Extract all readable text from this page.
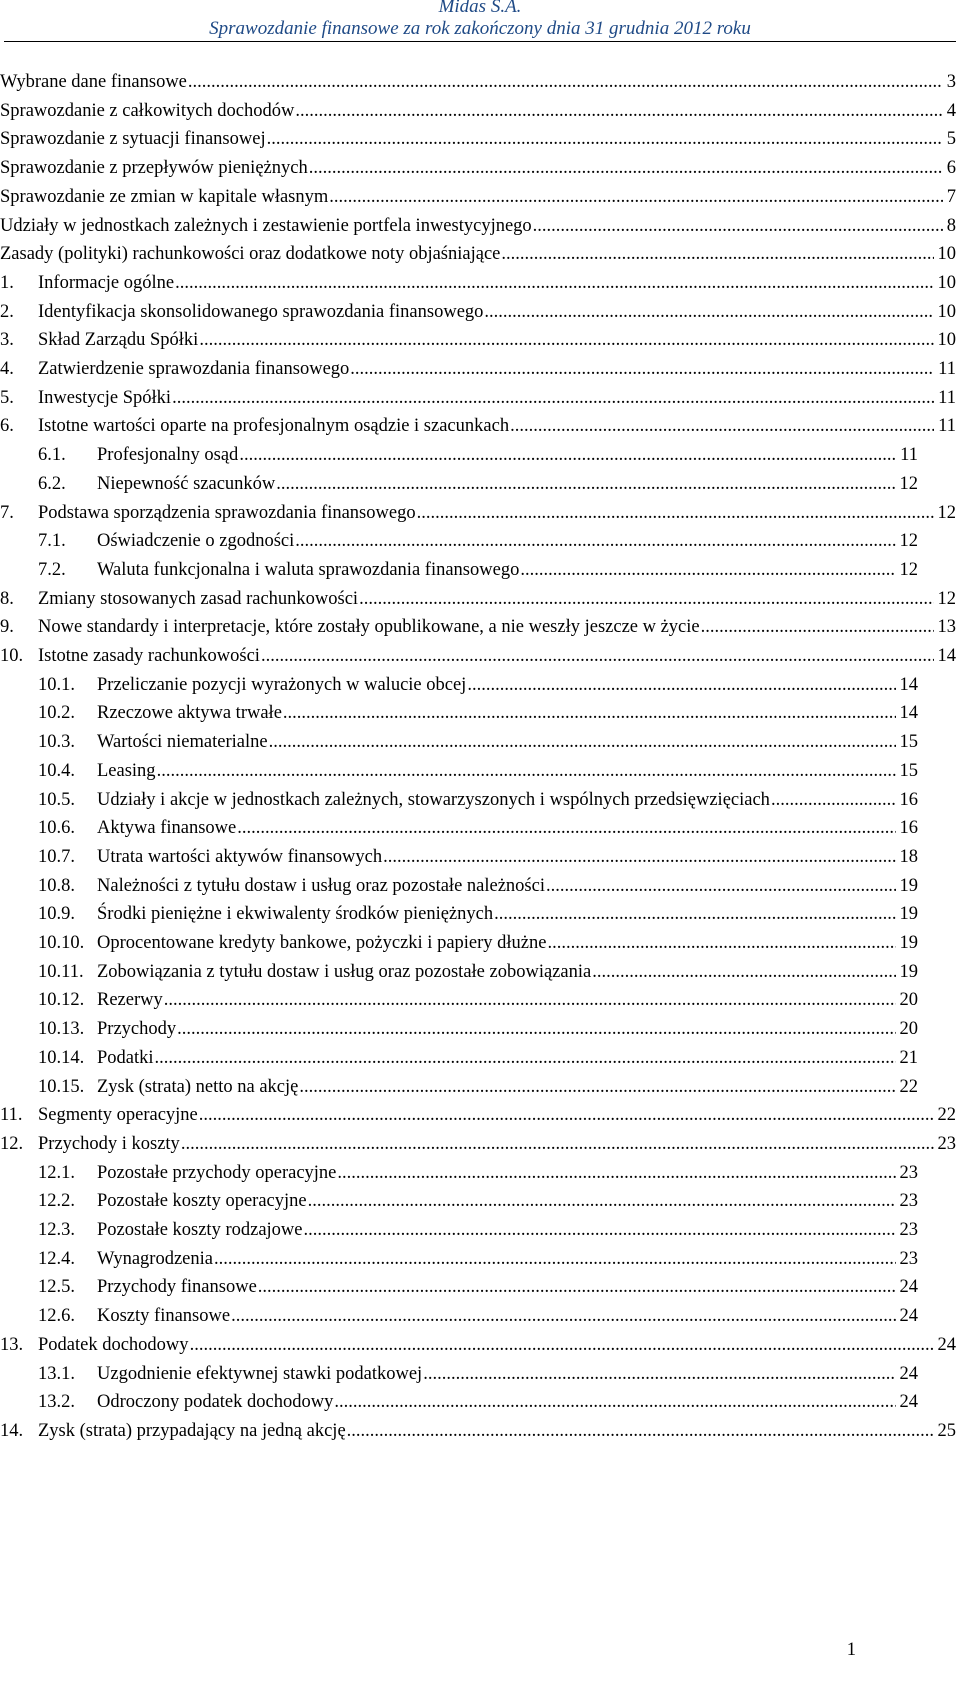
Midas S.A.
Sprawozdanie finansowe za rok zakończony dnia 31 grudnia 2012 roku
Wybrane dane finansowe .....	3
Sprawozdanie z całkowitych dochodów .....	4
Sprawozdanie z sytuacji finansowej .....	5
Sprawozdanie z przepływów pieniężnych .....	6
Sprawozdanie ze zmian w kapitale własnym .....	7
Udziały w jednostkach zależnych i zestawienie portfela inwestycyjnego .....	8
Zasady (polityki) rachunkowości oraz dodatkowe noty objaśniające .....	10
1.	Informacje ogólne .....	10
2.	Identyfikacja skonsolidowanego sprawozdania finansowego .....	10
3.	Skład Zarządu Spółki .....	10
4.	Zatwierdzenie sprawozdania finansowego .....	11
5.	Inwestycje Spółki .....	11
6.	Istotne wartości oparte na profesjonalnym osądzie i szacunkach .....	11
6.1.	Profesjonalny osąd .....	11
6.2.	Niepewność szacunków .....	12
7.	Podstawa sporządzenia sprawozdania finansowego .....	12
7.1.	Oświadczenie o zgodności .....	12
7.2.	Waluta funkcjonalna i waluta sprawozdania finansowego .....	12
8.	Zmiany stosowanych zasad rachunkowości .....	12
9.	Nowe standardy i interpretacje, które zostały opublikowane, a nie weszły jeszcze w życie .....	13
10. Istotne zasady rachunkowości .....	14
10.1.	Przeliczanie pozycji wyrażonych w walucie obcej .....	14
10.2.	Rzeczowe aktywa trwałe .....	14
10.3.	Wartości niematerialne .....	15
10.4.	Leasing .....	15
10.5.	Udziały i akcje w jednostkach zależnych, stowarzyszonych i wspólnych przedsięwzięciach .....	16
10.6.	Aktywa finansowe .....	16
10.7.	Utrata wartości aktywów finansowych .....	18
10.8.	Należności z tytułu dostaw i usług oraz pozostałe należności .....	19
10.9.	Środki pieniężne i ekwiwalenty środków pieniężnych .....	19
10.10. Oprocentowane kredyty bankowe, pożyczki i papiery dłużne .....	19
10.11. Zobowiązania z tytułu dostaw i usług oraz pozostałe zobowiązania .....	19
10.12. Rezerwy .....	20
10.13. Przychody .....	20
10.14. Podatki .....	21
10.15. Zysk (strata) netto na akcję .....	22
11. Segmenty operacyjne .....	22
12. Przychody i koszty .....	23
12.1.	Pozostałe przychody operacyjne .....	23
12.2.	Pozostałe koszty operacyjne .....	23
12.3.	Pozostałe koszty rodzajowe .....	23
12.4.	Wynagrodzenia .....	23
12.5.	Przychody finansowe .....	24
12.6.	Koszty finansowe .....	24
13. Podatek dochodowy .....	24
13.1.	Uzgodnienie efektywnej stawki podatkowej .....	24
13.2.	Odroczony podatek dochodowy .....	24
14. Zysk (strata) przypadający na jedną akcję .....	25
1
